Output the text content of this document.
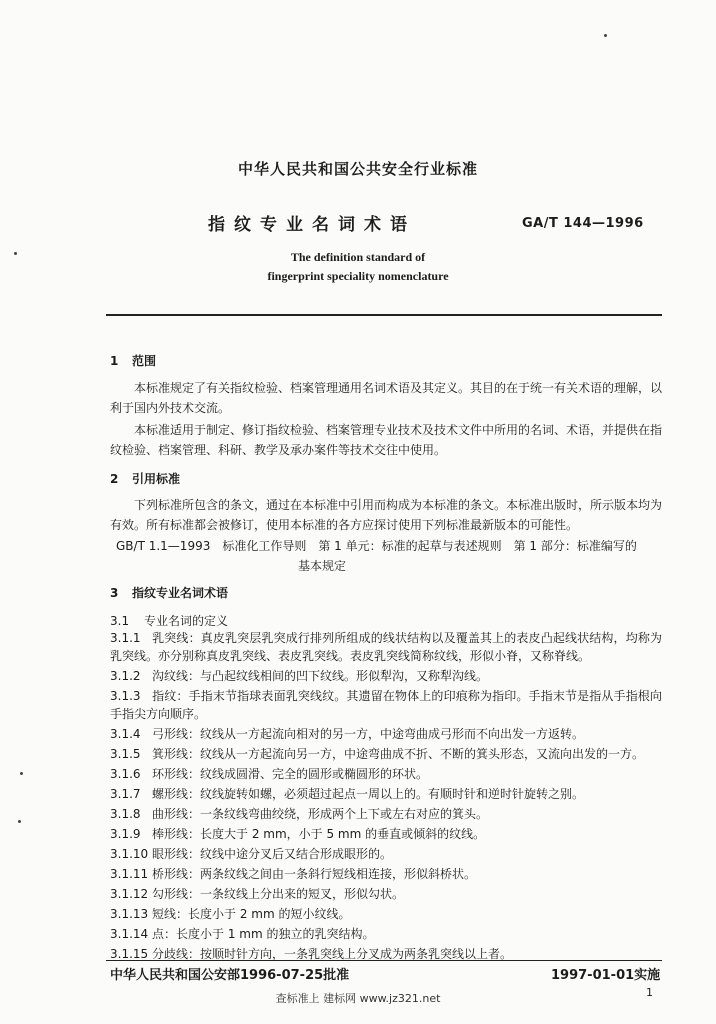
中华人民共和国公共安全行业标准
指纹专业名词术语	GA/T 144—1996
The definition standard of
fingerprint speciality nomenclature
1 范围
本标准规定了有关指纹检验、档案管理通用名词术语及其定义。其目的在于统一有关术语的理解，以利于国内外技术交流。
本标准适用于制定、修订指纹检验、档案管理专业技术及技术文件中所用的名词、术语，并提供在指纹检验、档案管理、科研、教学及承办案件等技术交往中使用。
2 引用标准
下列标准所包含的条文，通过在本标准中引用而构成为本标准的条文。本标准出版时，所示版本均为有效。所有标准都会被修订，使用本标准的各方应探讨使用下列标准最新版本的可能性。
GB/T 1.1—1993　标准化工作导则　第 1 单元：标准的起草与表述规则　第 1 部分：标准编写的
基本规定
3 指纹专业名词术语
3.1 专业名词的定义
3.1.1 乳突线：真皮乳突层乳突成行排列所组成的线状结构以及覆盖其上的表皮凸起线状结构，均称为乳突线。亦分别称真皮乳突线、表皮乳突线。表皮乳突线简称纹线，形似小脊，又称脊线。
3.1.2 沟纹线：与凸起纹线相间的凹下纹线。形似犁沟，又称犁沟线。
3.1.3 指纹：手指末节指球表面乳突线纹。其遗留在物体上的印痕称为指印。手指末节是指从手指根向手指尖方向顺序。
3.1.4 弓形线：纹线从一方起流向相对的另一方，中途弯曲成弓形而不向出发一方返转。
3.1.5 箕形线：纹线从一方起流向另一方，中途弯曲成不折、不断的箕头形态，又流向出发的一方。
3.1.6 环形线：纹线成圆滑、完全的圆形或椭圆形的环状。
3.1.7 螺形线：纹线旋转如螺，必须超过起点一周以上的。有顺时针和逆时针旋转之别。
3.1.8 曲形线：一条纹线弯曲绞绕，形成两个上下或左右对应的箕头。
3.1.9 棒形线：长度大于 2 mm，小于 5 mm 的垂直或倾斜的纹线。
3.1.10 眼形线：纹线中途分叉后又结合形成眼形的。
3.1.11 桥形线：两条纹线之间由一条斜行短线相连接，形似斜桥状。
3.1.12 勾形线：一条纹线上分出来的短叉，形似勾状。
3.1.13 短线：长度小于 2 mm 的短小纹线。
3.1.14 点：长度小于 1 mm 的独立的乳突结构。
中华人民共和国公安部1996-07-25批准	1997-01-01实施
查标准上 建标网 www.jz321.net	1
3.1.15 分歧线：按顺时针方向，一条乳突线上分叉成为两条乳突线以上者。
